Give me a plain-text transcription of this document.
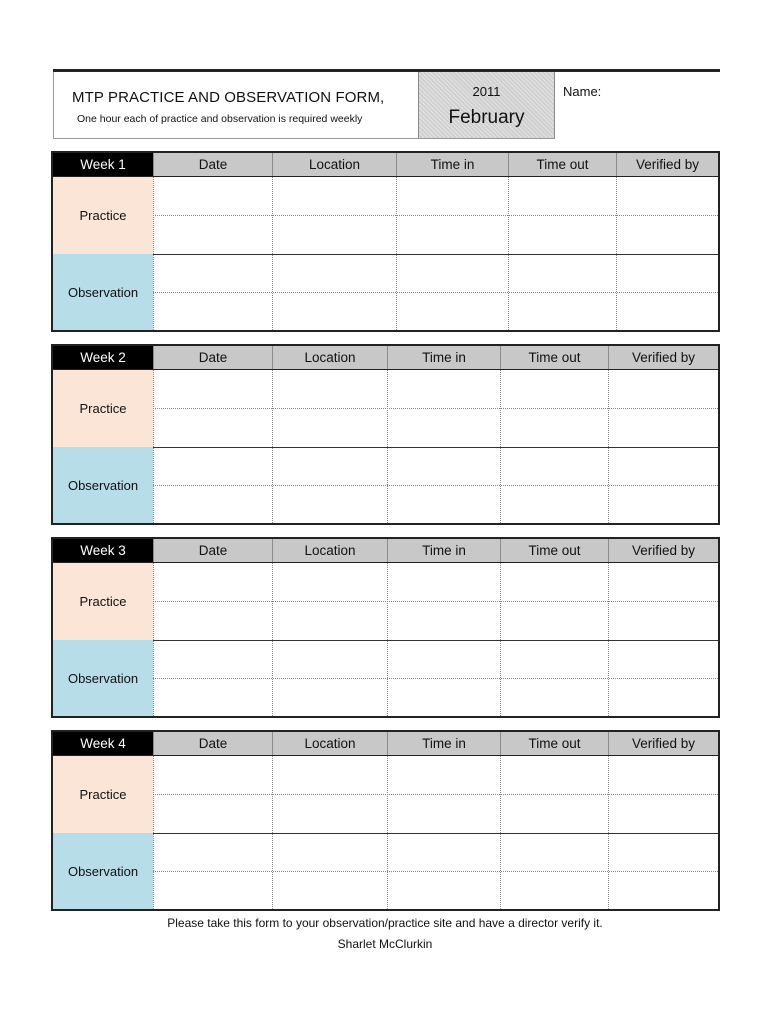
MTP PRACTICE AND OBSERVATION FORM,
One hour each of practice and observation is required weekly
2011
February
Name:
Week 1	Date	Location	Time in	Time out	Verified by
Practice
Observation
Week 2	Date	Location	Time in	Time out	Verified by
Practice
Observation
Week 3	Date	Location	Time in	Time out	Verified by
Practice
Observation
Week 4	Date	Location	Time in	Time out	Verified by
Practice
Observation
Please take this form to your observation/practice site and have a director verify it.
Sharlet McClurkin
